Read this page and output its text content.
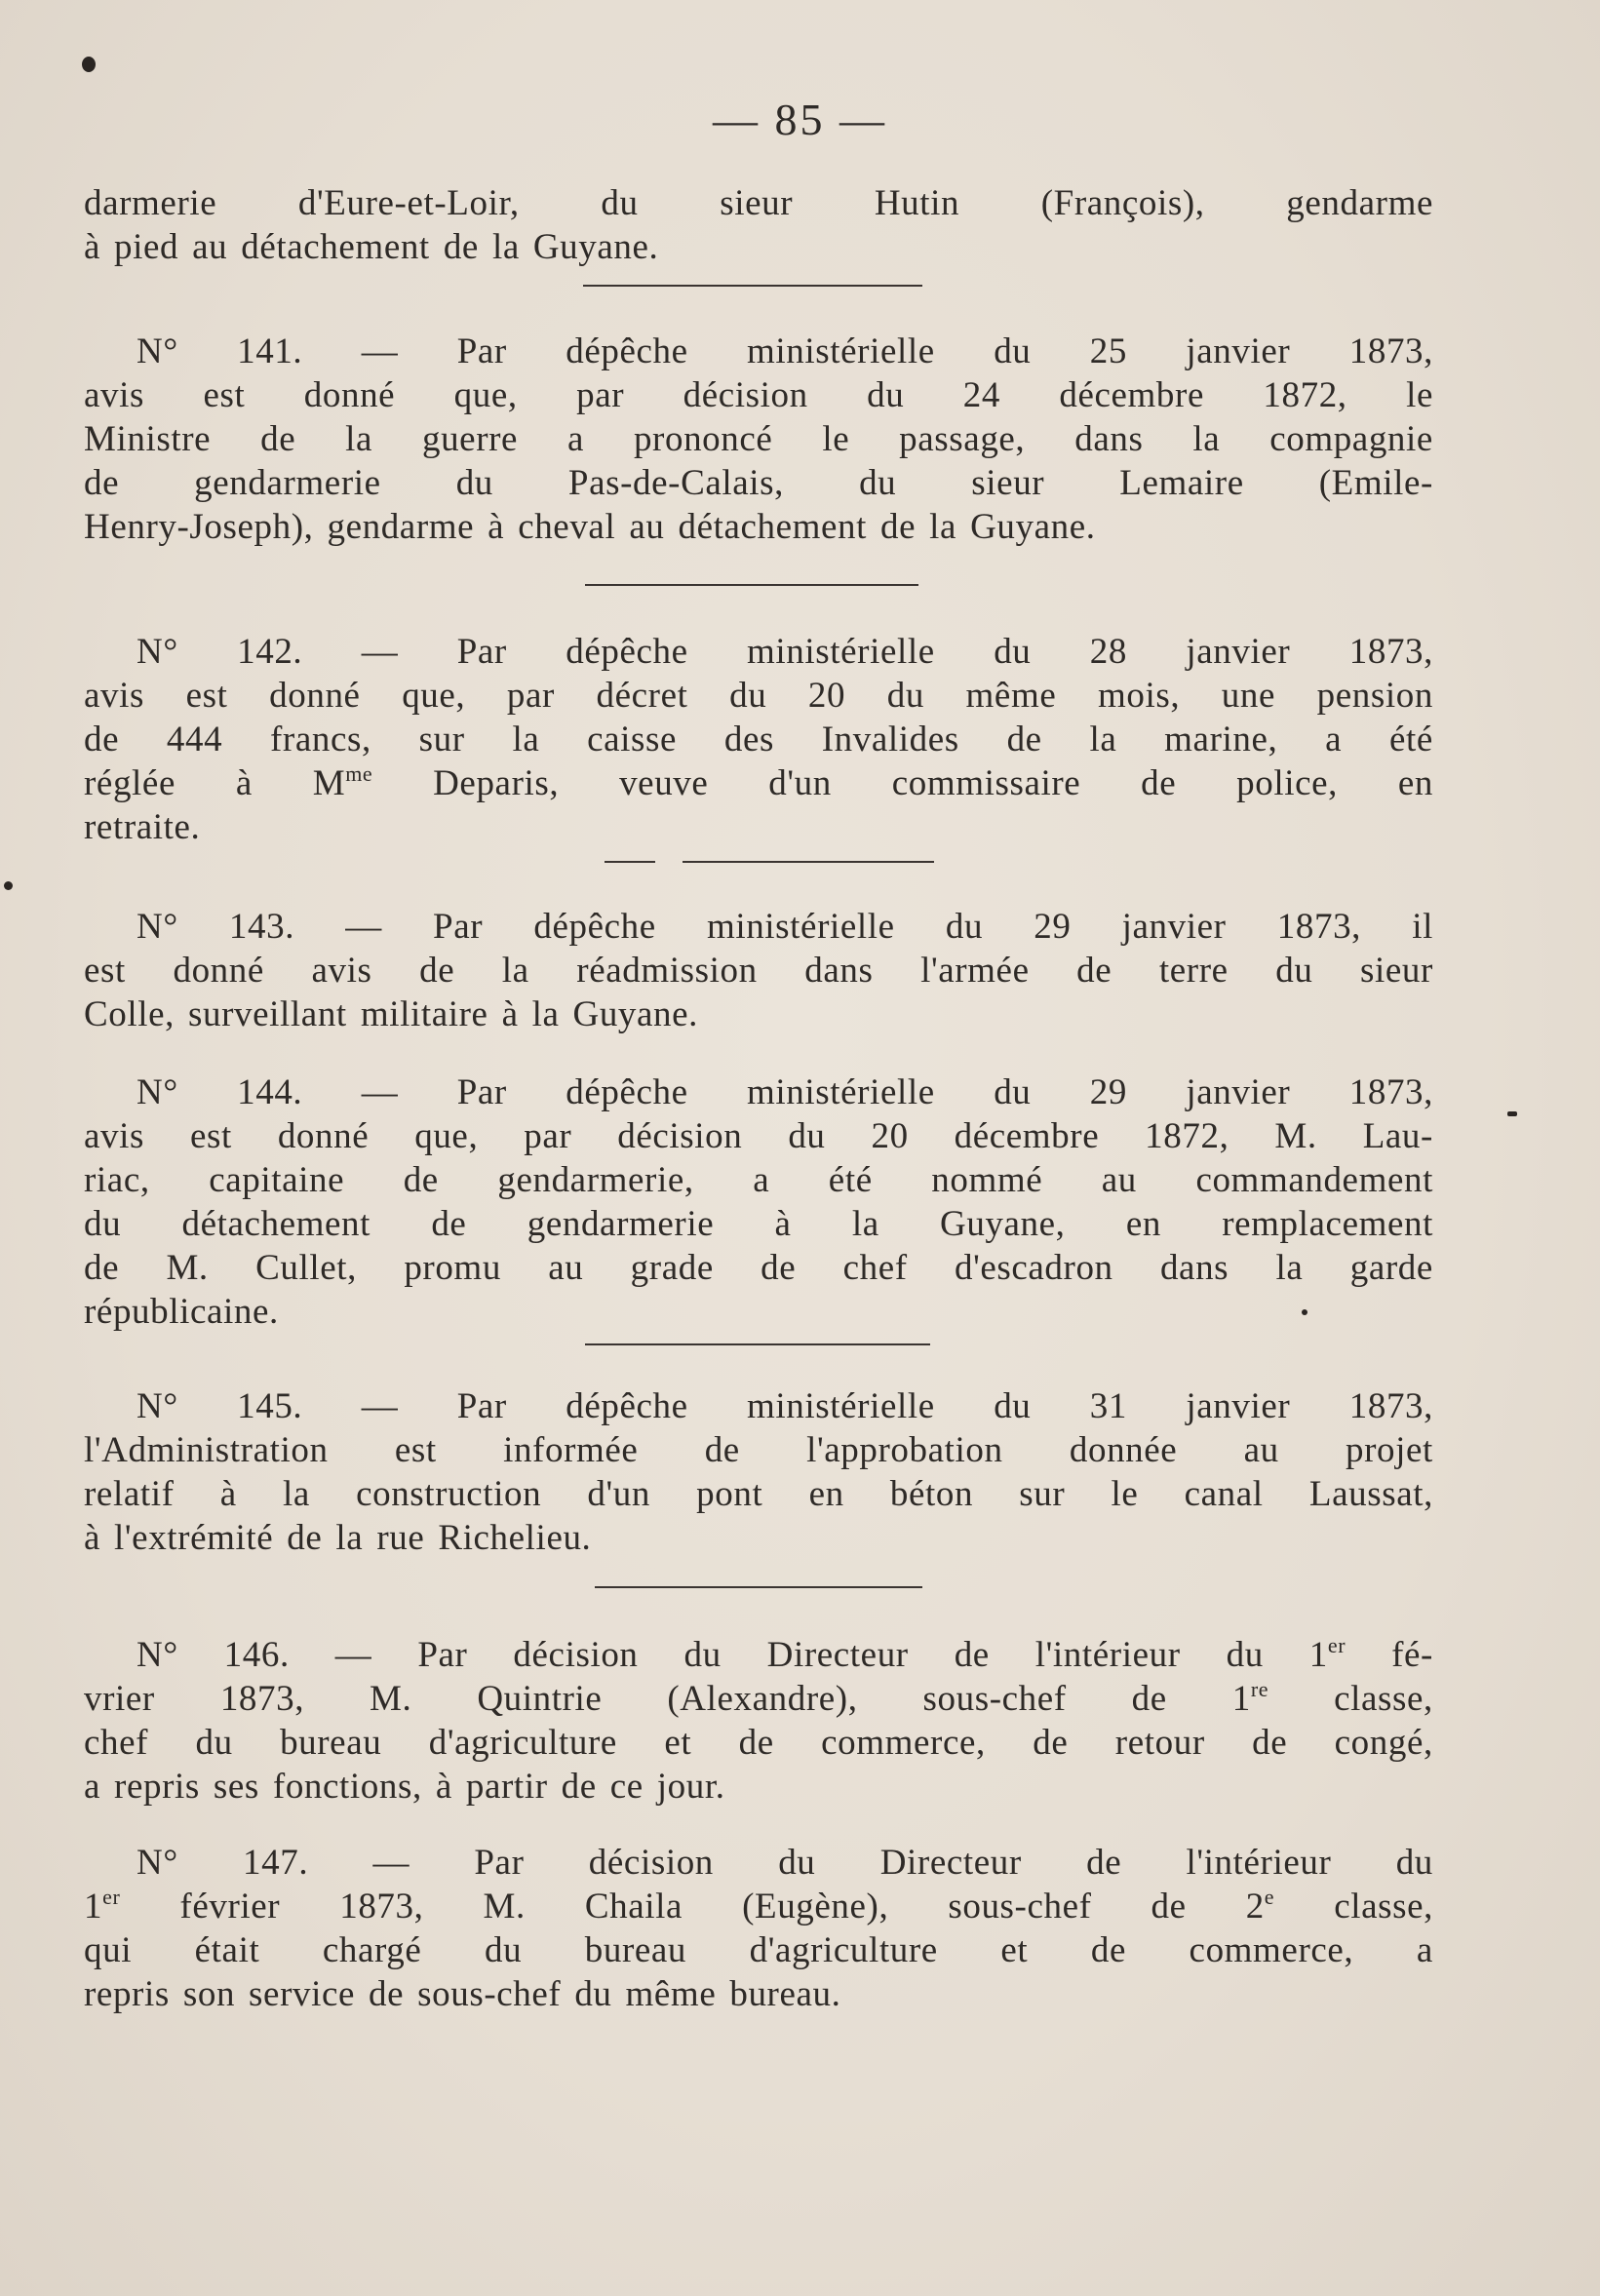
— 85 —
darmerie d'Eure-et-Loir, du sieur Hutin (François), gendarme
à pied au détachement de la Guyane.
N° 141. — Par dépêche ministérielle du 25 janvier 1873,
avis est donné que, par décision du 24 décembre 1872, le
Ministre de la guerre a prononcé le passage, dans la compagnie
de gendarmerie du Pas-de-Calais, du sieur Lemaire (Emile-
Henry-Joseph), gendarme à cheval au détachement de la Guyane.
N° 142. — Par dépêche ministérielle du 28 janvier 1873,
avis est donné que, par décret du 20 du même mois, une pension
de 444 francs, sur la caisse des Invalides de la marine, a été
réglée à $M^{me}$ Deparis, veuve d'un commissaire de police, en
retraite.
N° 143. — Par dépêche ministérielle du 29 janvier 1873, il
est donné avis de la réadmission dans l'armée de terre du sieur
Colle, surveillant militaire à la Guyane.
N° 144. — Par dépêche ministérielle du 29 janvier 1873,
avis est donné que, par décision du 20 décembre 1872, M. Lau-
riac, capitaine de gendarmerie, a été nommé au commandement
du détachement de gendarmerie à la Guyane, en remplacement
de M. Cullet, promu au grade de chef d'escadron dans la garde
républicaine.
N° 145. — Par dépêche ministérielle du 31 janvier 1873,
l'Administration est informée de l'approbation donnée au projet
relatif à la construction d'un pont en béton sur le canal Laussat,
à l'extrémité de la rue Richelieu.
N° 146. — Par décision du Directeur de l'intérieur du 1er fé-
vrier 1873, M. Quintrie (Alexandre), sous-chef de 1re classe,
chef du bureau d'agriculture et de commerce, de retour de congé,
a repris ses fonctions, à partir de ce jour.
N° 147. — Par décision du Directeur de l'intérieur du
1er février 1873, M. Chaila (Eugène), sous-chef de 2e classe,
qui était chargé du bureau d'agriculture et de commerce, a
repris son service de sous-chef du même bureau.
